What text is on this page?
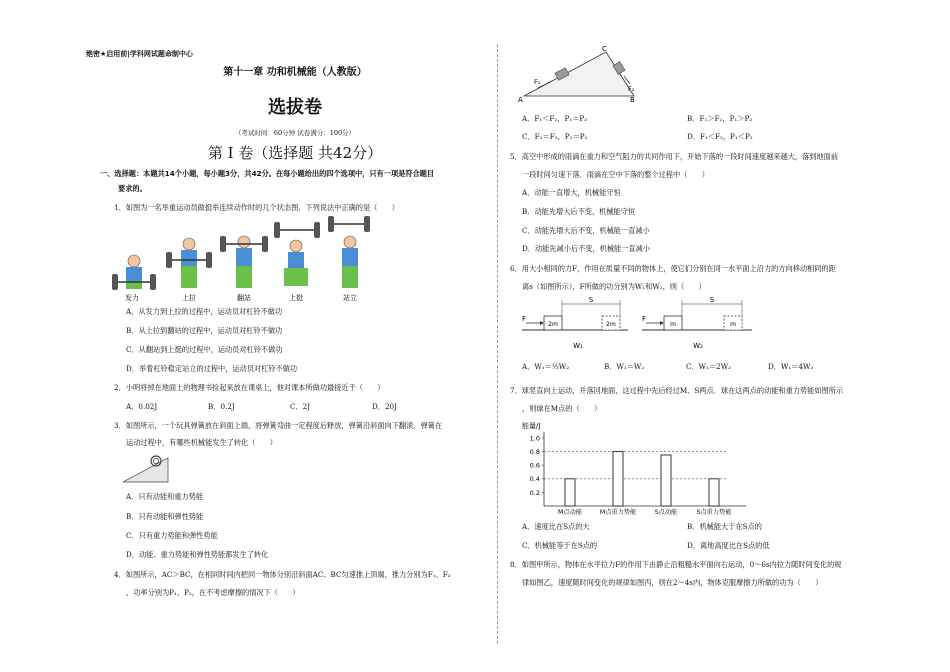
绝密★启用前|学科网试题命制中心
第十一章 功和机械能（人教版）
选拔卷
（考试时间：60分钟 试卷满分：100分）
第 I 卷（选择题 共42分）
一、选择题：本题共14个小题，每小题3分，共42分。在每小题给出的四个选项中，只有一项是符合题目
要求的。
1．如图为一名举重运动员做挺举连续动作时的几个状态图．下列说法中正确的是（　　）
发力	上拉	翻站	上挺	站立
A．从发力到上拉的过程中，运动员对杠铃不做功
B．从上拉到翻站的过程中，运动员对杠铃不做功
C．从翻站到上挺的过程中，运动员对杠铃不做功
D．举着杠铃稳定站立的过程中，运动员对杠铃不做功
2．小明将掉在地面上的物理书捡起来放在课桌上，他对课本所做功最接近于（　　）
A．0.02J	B．0.2J	C．2J	D．20J
3．如图所示，一个玩具弹簧放在斜面上端，将弹簧弯曲一定程度后释放，弹簧沿斜面向下翻滚．弹簧在
运动过程中，有哪些机械能发生了转化（　　）
A．只有动能和重力势能
B．只有动能和弹性势能
C．只有重力势能和弹性势能
D．动能、重力势能和弹性势能都发生了转化
4．如图所示，AC＞BC，在相同时间内把同一物体分别沿斜面AC、BC匀速推上顶端，推力分别为F₁、F₂
，功率分别为P₁、P₂，在不考虑摩擦的情况下（　　）
A	B
C
F₁
F₂
A．F₁＜F₂，P₁＝P₂	B．F₁＞F₂，P₁＞P₂
C．F₁＝F₂，P₁＝P₂	D．F₁＜F₂，P₁＜P₂
5．高空中形成的雨滴在重力和空气阻力的共同作用下，开始下落的一段时间速度越来越大，落到地面前
一段时间匀速下落．雨滴在空中下落的整个过程中（　　）
A．动能一直增大，机械能守恒
B．动能先增大后不变，机械能守恒
C．动能先增大后不变，机械能一直减小
D．动能先减小后不变，机械能一直减小
6．用大小相同的力F，作用在质量不同的物体上，使它们分别在同一水平面上沿力的方向移动相同的距
离s（如图所示），F所做的功分别为W₁和W₂，则（　　）
F
2m	2m
S
W₁
F
m	m
S
W₂
A．W₁＝½W₂	B．W₁＝W₂	C．W₁＝2W₂	D．W₁＝4W₂
7．球竖直向上运动，并落回地面，这过程中先后经过M、S两点．球在这两点的动能和重力势能如图所示
，则球在M点的（　　）
能量/J
0.2
0.4
0.6
0.8
1.0
M点动能	M点重力势能	S点动能	S点重力势能
A．速度比在S点的大	B．机械能大于在S点的
C．机械能等于在S点的	D．离地高度比在S点的低
8．如图甲所示，物体在水平拉力F的作用下由静止沿粗糙水平面向右运动，0～6s内拉力随时间变化的规
律如图乙，速度随时间变化的规律如图丙，则在2～4s内，物体克服摩擦力所做的功为（　　）
